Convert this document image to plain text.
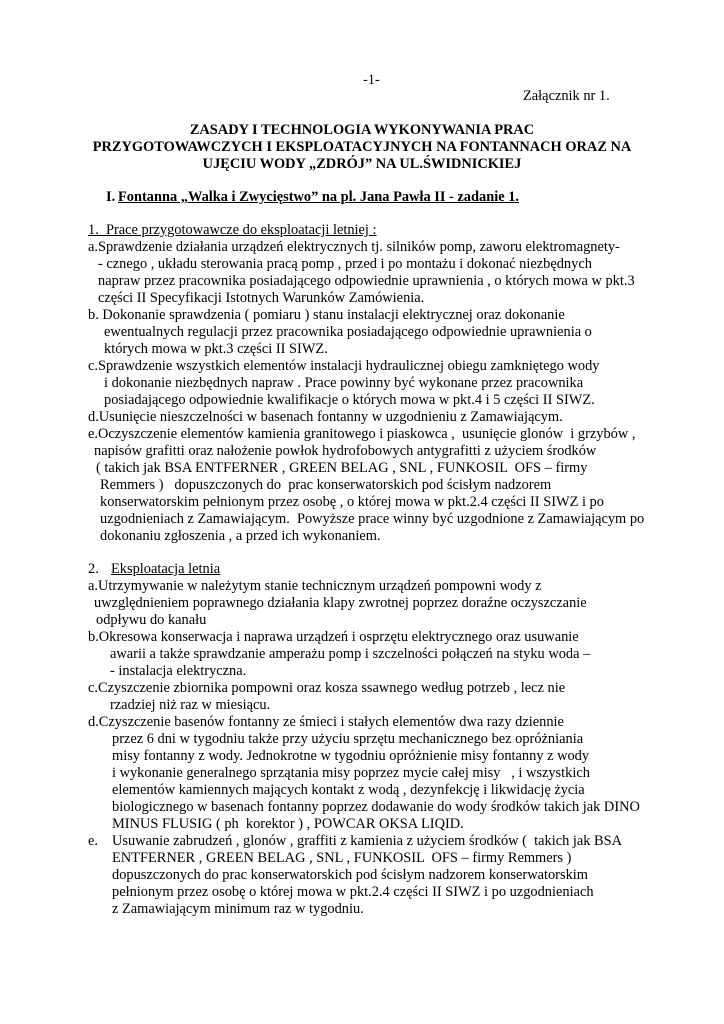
-1-
Załącznik nr 1.
ZASADY I TECHNOLOGIA WYKONYWANIA PRAC
PRZYGOTOWAWCZYCH I EKSPLOATACYJNYCH NA FONTANNACH ORAZ NA
UJĘCIU WODY „ZDRÓJ” NA UL.ŚWIDNICKIEJ
I. Fontanna „Walka i Zwycięstwo” na pl. Jana Pawła II - zadanie 1.
1.  Prace przygotowawcze do eksploatacji letniej :
a.Sprawdzenie działania urządzeń elektrycznych tj. silników pomp, zaworu elektromagnety-
- cznego , układu sterowania pracą pomp , przed i po montażu i dokonać niezbędnych
napraw przez pracownika posiadającego odpowiednie uprawnienia , o których mowa w pkt.3
części II Specyfikacji Istotnych Warunków Zamówienia.
b. Dokonanie sprawdzenia ( pomiaru ) stanu instalacji elektrycznej oraz dokonanie
ewentualnych regulacji przez pracownika posiadającego odpowiednie uprawnienia o
których mowa w pkt.3 części II SIWZ.
c.Sprawdzenie wszystkich elementów instalacji hydraulicznej obiegu zamkniętego wody
i dokonanie niezbędnych napraw . Prace powinny być wykonane przez pracownika
posiadającego odpowiednie kwalifikacje o których mowa w pkt.4 i 5 części II SIWZ.
d.Usunięcie nieszczelności w basenach fontanny w uzgodnieniu z Zamawiającym.
e.Oczyszczenie elementów kamienia granitowego i piaskowca ,  usunięcie glonów  i grzybów ,
napisów grafitti oraz nałożenie powłok hydrofobowych antygrafitti z użyciem środków
( takich jak BSA ENTFERNER , GREEN BELAG , SNL , FUNKOSIL  OFS – firmy
Remmers )   dopuszczonych do  prac konserwatorskich pod ścisłym nadzorem
konserwatorskim pełnionym przez osobę , o której mowa w pkt.2.4 części II SIWZ i po
uzgodnieniach z Zamawiającym.  Powyższe prace winny być uzgodnione z Zamawiającym po
dokonaniu zgłoszenia , a przed ich wykonaniem.
2. Eksploatacja letnia
a.Utrzymywanie w należytym stanie technicznym urządzeń pompowni wody z
uwzględnieniem poprawnego działania klapy zwrotnej poprzez doraźne oczyszczanie
odpływu do kanału
b.Okresowa konserwacja i naprawa urządzeń i osprzętu elektrycznego oraz usuwanie
awarii a także sprawdzanie amperażu pomp i szczelności połączeń na styku woda –
- instalacja elektryczna.
c.Czyszczenie zbiornika pompowni oraz kosza ssawnego według potrzeb , lecz nie
rzadziej niż raz w miesiącu.
d.Czyszczenie basenów fontanny ze śmieci i stałych elementów dwa razy dziennie
przez 6 dni w tygodniu także przy użyciu sprzętu mechanicznego bez opróżniania
misy fontanny z wody. Jednokrotne w tygodniu opróżnienie misy fontanny z wody
i wykonanie generalnego sprzątania misy poprzez mycie całej misy   , i wszystkich
elementów kamiennych mających kontakt z wodą , dezynfekcję i likwidację życia
biologicznego w basenach fontanny poprzez dodawanie do wody środków takich jak DINO
MINUS FLUSIG ( ph  korektor ) , POWCAR OKSA LIQID.
e. Usuwanie zabrudzeń , glonów , graffiti z kamienia z użyciem środków (  takich jak BSA
ENTFERNER , GREEN BELAG , SNL , FUNKOSIL  OFS – firmy Remmers )
dopuszczonych do prac konserwatorskich pod ścisłym nadzorem konserwatorskim
pełnionym przez osobę o której mowa w pkt.2.4 części II SIWZ i po uzgodnieniach
z Zamawiającym minimum raz w tygodniu.
